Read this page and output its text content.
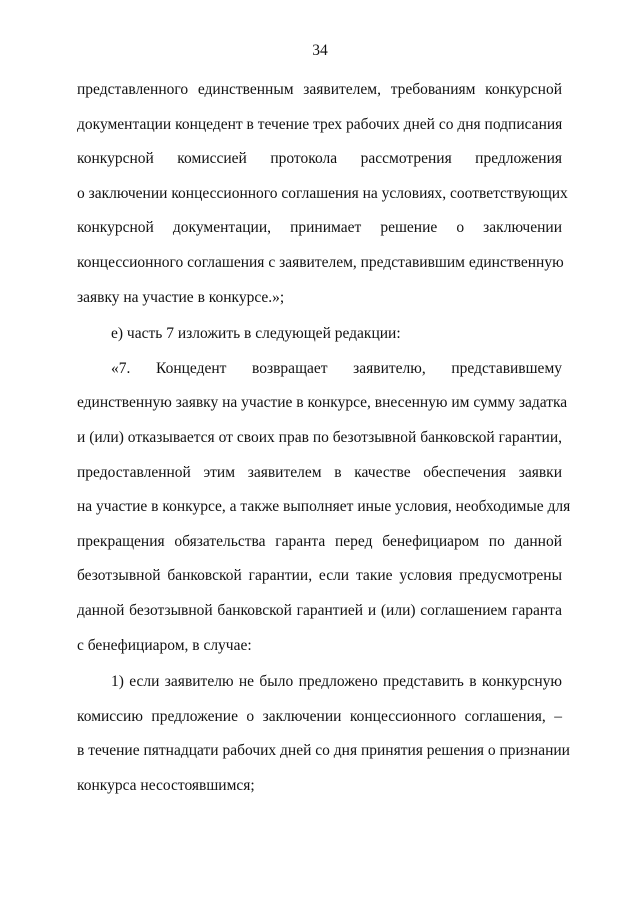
34
представленного единственным заявителем, требованиям конкурсной
документации концедент в течение трех рабочих дней со дня подписания
конкурсной комиссией протокола рассмотрения предложения
о заключении концессионного соглашения на условиях, соответствующих
конкурсной документации, принимает решение о заключении
концессионного соглашения с заявителем, представившим единственную
заявку на участие в конкурсе.»;
е) часть 7 изложить в следующей редакции:
«7. Концедент возвращает заявителю, представившему
единственную заявку на участие в конкурсе, внесенную им сумму задатка
и (или) отказывается от своих прав по безотзывной банковской гарантии,
предоставленной этим заявителем в качестве обеспечения заявки
на участие в конкурсе, а также выполняет иные условия, необходимые для
прекращения обязательства гаранта перед бенефициаром по данной
безотзывной банковской гарантии, если такие условия предусмотрены
данной безотзывной банковской гарантией и (или) соглашением гаранта
с бенефициаром, в случае:
1) если заявителю не было предложено представить в конкурсную
комиссию предложение о заключении концессионного соглашения, –
в течение пятнадцати рабочих дней со дня принятия решения о признании
конкурса несостоявшимся;
